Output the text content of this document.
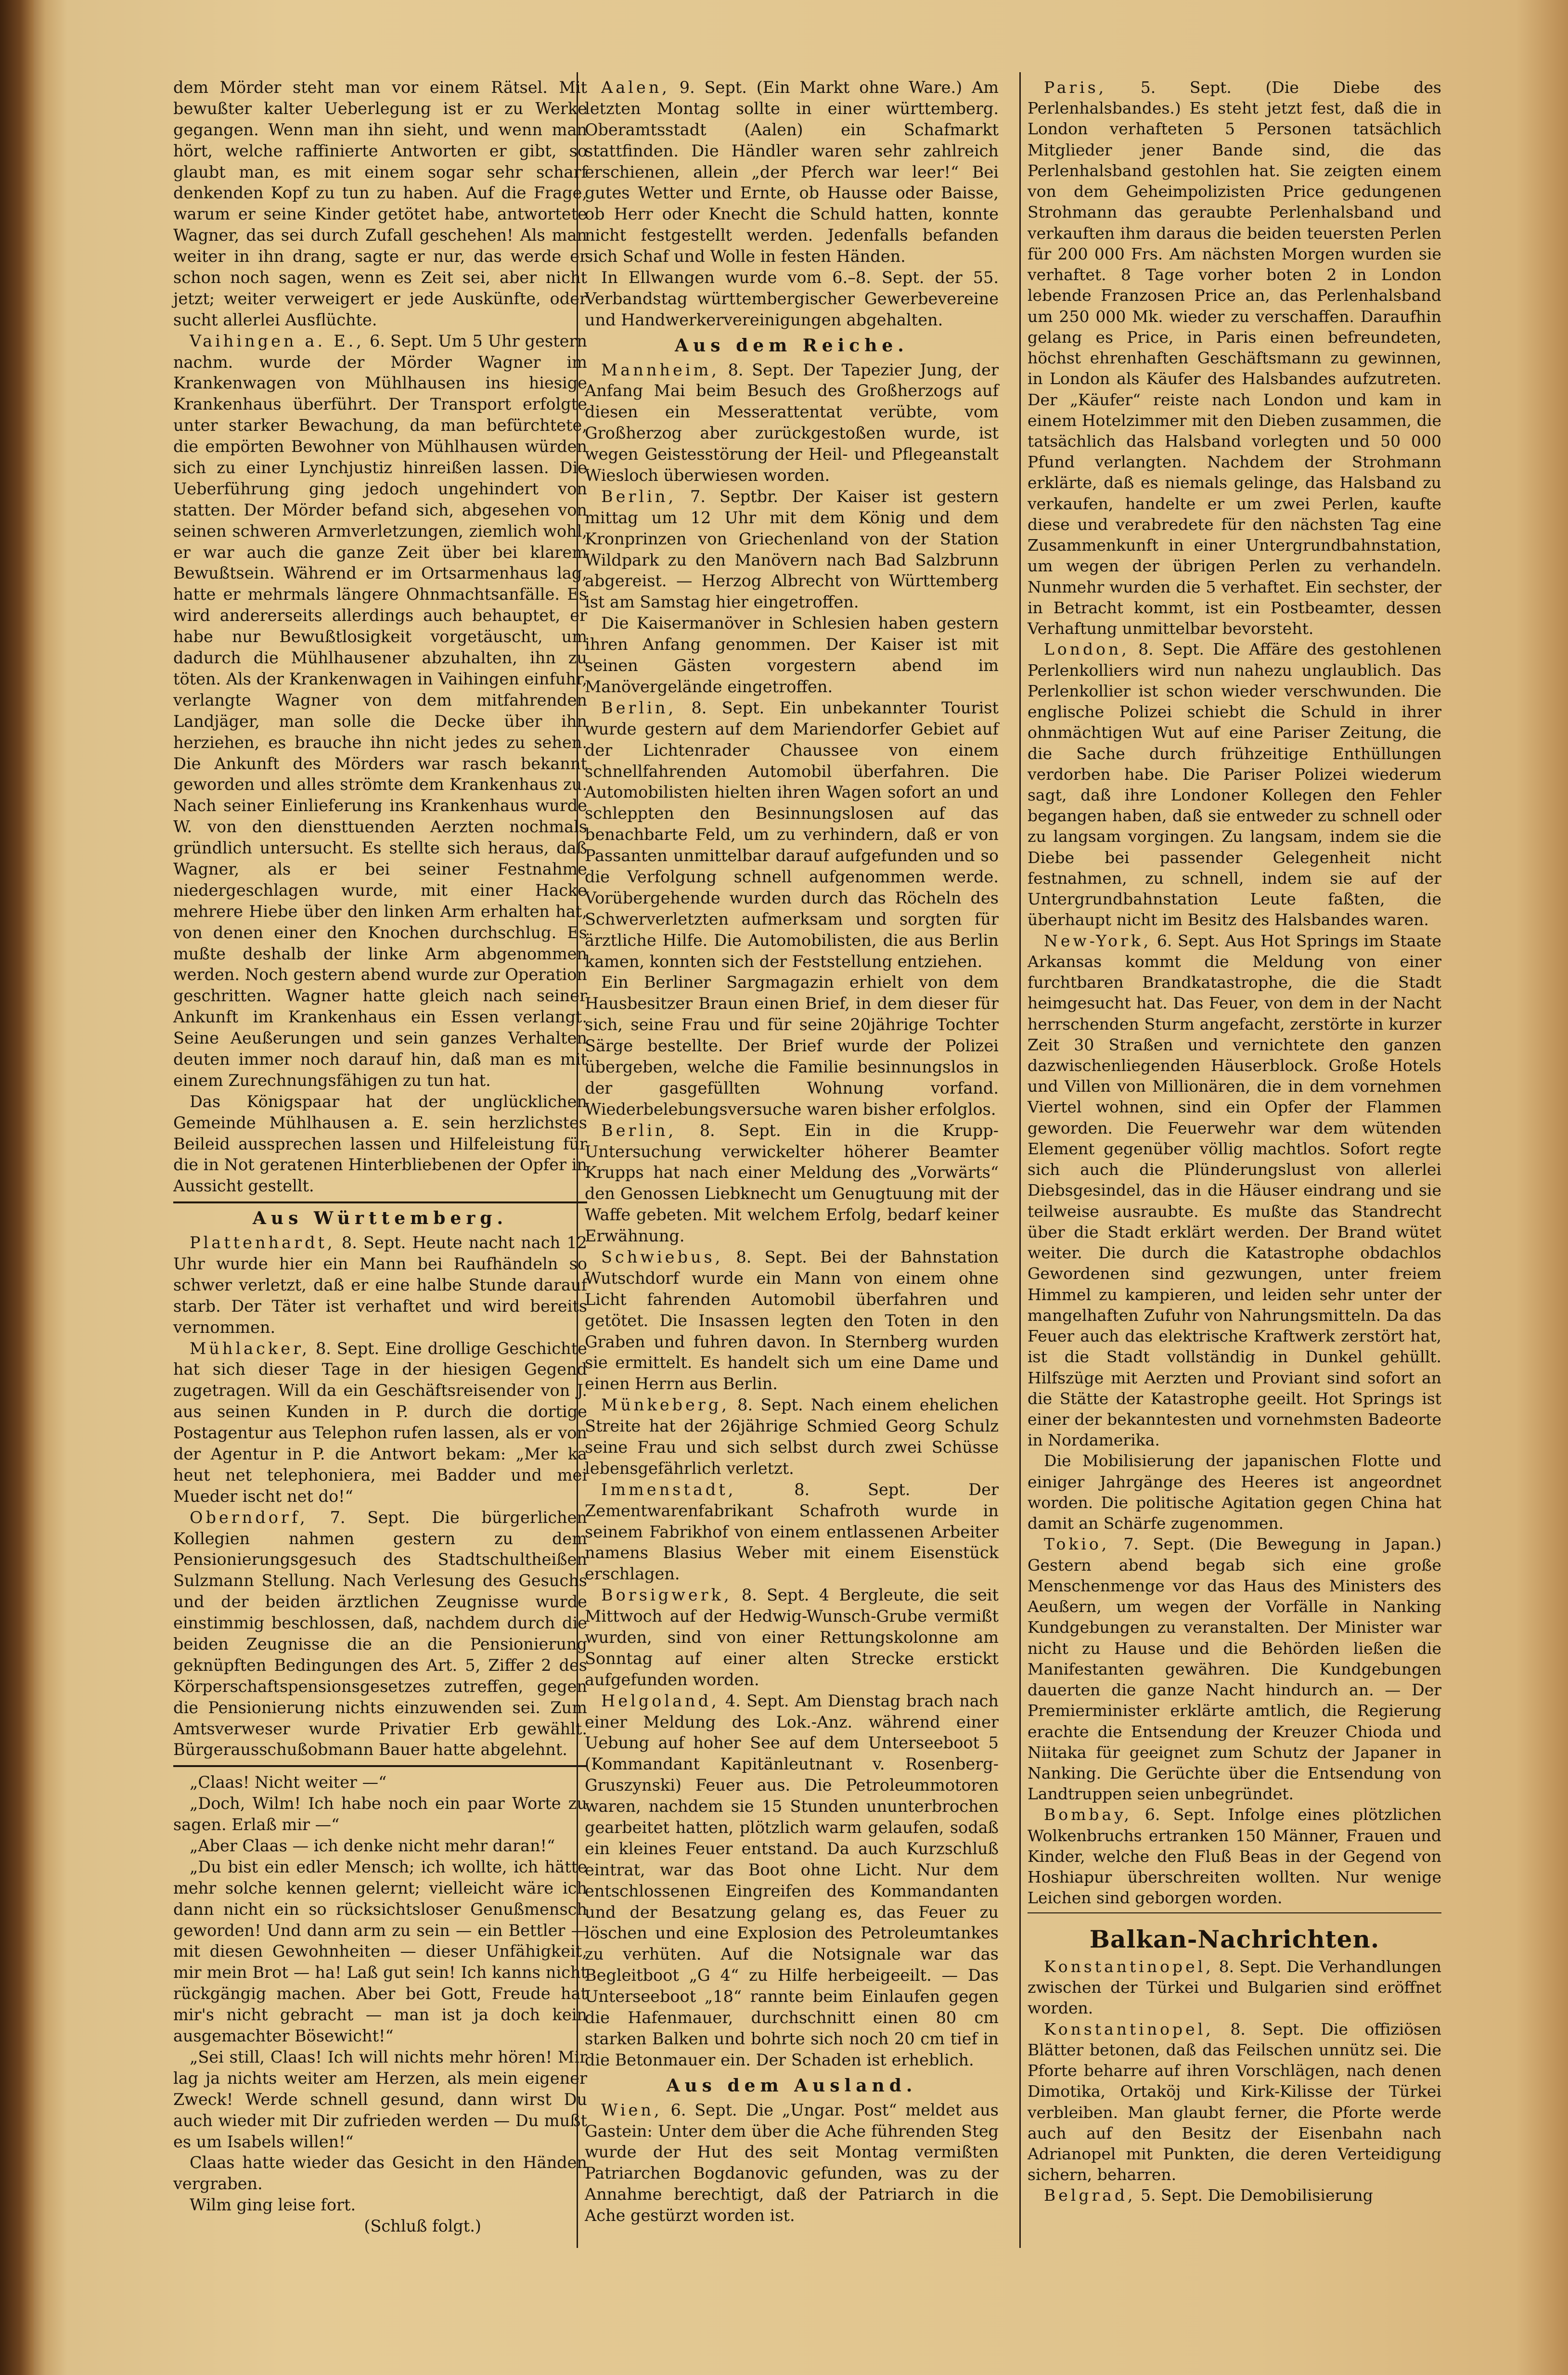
dem Mörder steht man vor einem Rätsel. Mit bewußter kalter Ueberlegung ist er zu Werke gegangen. Wenn man ihn sieht, und wenn man hört, welche raffinierte Antworten er gibt, so glaubt man, es mit einem sogar sehr scharf denkenden Kopf zu tun zu haben. Auf die Frage, warum er seine Kinder getötet habe, antwortete Wagner, das sei durch Zufall geschehen! Als man weiter in ihn drang, sagte er nur, das werde er schon noch sagen, wenn es Zeit sei, aber nicht jetzt; weiter verweigert er jede Auskünfte, oder sucht allerlei Ausflüchte.

Vaihingen a. E., 6. Sept. Um 5 Uhr gestern nachm. wurde der Mörder Wagner im Krankenwagen von Mühlhausen ins hiesige Krankenhaus überführt. Der Transport erfolgte unter starker Bewachung, da man befürchtete, die empörten Bewohner von Mühlhausen würden sich zu einer Lynchjustiz hinreißen lassen. Die Ueberführung ging jedoch ungehindert von statten. Der Mörder befand sich, abgesehen von seinen schweren Armverletzungen, ziemlich wohl, er war auch die ganze Zeit über bei klarem Bewußtsein. Während er im Ortsarmenhaus lag, hatte er mehrmals längere Ohnmachtsanfälle. Es wird andererseits allerdings auch behauptet, er habe nur Bewußtlosigkeit vorgetäuscht, um dadurch die Mühlhausener abzuhalten, ihn zu töten. Als der Krankenwagen in Vaihingen einfuhr, verlangte Wagner von dem mitfahrenden Landjäger, man solle die Decke über ihn herziehen, es brauche ihn nicht jedes zu sehen. Die Ankunft des Mörders war rasch bekannt geworden und alles strömte dem Krankenhaus zu. Nach seiner Einlieferung ins Krankenhaus wurde W. von den diensttuenden Aerzten nochmals gründlich untersucht. Es stellte sich heraus, daß Wagner, als er bei seiner Festnahme niedergeschlagen wurde, mit einer Hacke mehrere Hiebe über den linken Arm erhalten hat, von denen einer den Knochen durchschlug. Es mußte deshalb der linke Arm abgenommen werden. Noch gestern abend wurde zur Operation geschritten. Wagner hatte gleich nach seiner Ankunft im Krankenhaus ein Essen verlangt. Seine Aeußerungen und sein ganzes Verhalten deuten immer noch darauf hin, daß man es mit einem Zurechnungsfähigen zu tun hat.

Das Königspaar hat der unglücklichen Gemeinde Mühlhausen a. E. sein herzlichstes Beileid aussprechen lassen und Hilfeleistung für die in Not geratenen Hinterbliebenen der Opfer in Aussicht gestellt.

Aus Württemberg.

Plattenhardt, 8. Sept. Heute nacht nach 12 Uhr wurde hier ein Mann bei Raufhändeln so schwer verletzt, daß er eine halbe Stunde darauf starb. Der Täter ist verhaftet und wird bereits vernommen.

Mühlacker, 8. Sept. Eine drollige Geschichte hat sich dieser Tage in der hiesigen Gegend zugetragen. Will da ein Geschäftsreisender von J. aus seinen Kunden in P. durch die dortige Postagentur aus Telephon rufen lassen, als er von der Agentur in P. die Antwort bekam: „Mer ka heut net telephoniera, mei Badder und mei Mueder ischt net do!“

Oberndorf, 7. Sept. Die bürgerlichen Kollegien nahmen gestern zu dem Pensionierungsgesuch des Stadtschultheißen Sulzmann Stellung. Nach Verlesung des Gesuchs und der beiden ärztlichen Zeugnisse wurde einstimmig beschlossen, daß, nachdem durch die beiden Zeugnisse die an die Pensionierung geknüpften Bedingungen des Art. 5, Ziffer 2 des Körperschaftspensionsgesetzes zutreffen, gegen die Pensionierung nichts einzuwenden sei. Zum Amtsverweser wurde Privatier Erb gewählt. Bürgerausschußobmann Bauer hatte abgelehnt.

„Claas! Nicht weiter —“

„Doch, Wilm! Ich habe noch ein paar Worte zu sagen. Erlaß mir —“

„Aber Claas — ich denke nicht mehr daran!“

„Du bist ein edler Mensch; ich wollte, ich hätte mehr solche kennen gelernt; vielleicht wäre ich dann nicht ein so rücksichtsloser Genußmensch geworden! Und dann arm zu sein — ein Bettler — mit diesen Gewohnheiten — dieser Unfähigkeit, mir mein Brot — ha! Laß gut sein! Ich kanns nicht rückgängig machen. Aber bei Gott, Freude hat mir's nicht gebracht — man ist ja doch kein ausgemachter Bösewicht!“

„Sei still, Claas! Ich will nichts mehr hören! Mir lag ja nichts weiter am Herzen, als mein eigener Zweck! Werde schnell gesund, dann wirst Du auch wieder mit Dir zufrieden werden — Du mußt es um Isabels willen!“

Claas hatte wieder das Gesicht in den Händen vergraben.

Wilm ging leise fort.

(Schluß folgt.)

Aalen, 9. Sept. (Ein Markt ohne Ware.) Am letzten Montag sollte in einer württemberg. Oberamtsstadt (Aalen) ein Schafmarkt stattfinden. Die Händler waren sehr zahlreich erschienen, allein „der Pferch war leer!“ Bei gutes Wetter und Ernte, ob Hausse oder Baisse, ob Herr oder Knecht die Schuld hatten, konnte nicht festgestellt werden. Jedenfalls befanden sich Schaf und Wolle in festen Händen.

In Ellwangen wurde vom 6.–8. Sept. der 55. Verbandstag württembergischer Gewerbevereine und Handwerkervereinigungen abgehalten.

Aus dem Reiche.

Mannheim, 8. Sept. Der Tapezier Jung, der Anfang Mai beim Besuch des Großherzogs auf diesen ein Messerattentat verübte, vom Großherzog aber zurückgestoßen wurde, ist wegen Geistesstörung der Heil- und Pflegeanstalt Wiesloch überwiesen worden.

Berlin, 7. Septbr. Der Kaiser ist gestern mittag um 12 Uhr mit dem König und dem Kronprinzen von Griechenland von der Station Wildpark zu den Manövern nach Bad Salzbrunn abgereist. — Herzog Albrecht von Württemberg ist am Samstag hier eingetroffen.

Die Kaisermanöver in Schlesien haben gestern ihren Anfang genommen. Der Kaiser ist mit seinen Gästen vorgestern abend im Manövergelände eingetroffen.

Berlin, 8. Sept. Ein unbekannter Tourist wurde gestern auf dem Mariendorfer Gebiet auf der Lichtenrader Chaussee von einem schnellfahrenden Automobil überfahren. Die Automobilisten hielten ihren Wagen sofort an und schleppten den Besinnungslosen auf das benachbarte Feld, um zu verhindern, daß er von Passanten unmittelbar darauf aufgefunden und so die Verfolgung schnell aufgenommen werde. Vorübergehende wurden durch das Röcheln des Schwerverletzten aufmerksam und sorgten für ärztliche Hilfe. Die Automobilisten, die aus Berlin kamen, konnten sich der Feststellung entziehen.

Ein Berliner Sargmagazin erhielt von dem Hausbesitzer Braun einen Brief, in dem dieser für sich, seine Frau und für seine 20jährige Tochter Särge bestellte. Der Brief wurde der Polizei übergeben, welche die Familie besinnungslos in der gasgefüllten Wohnung vorfand. Wiederbelebungsversuche waren bisher erfolglos.

Berlin, 8. Sept. Ein in die Krupp-Untersuchung verwickelter höherer Beamter Krupps hat nach einer Meldung des „Vorwärts“ den Genossen Liebknecht um Genugtuung mit der Waffe gebeten. Mit welchem Erfolg, bedarf keiner Erwähnung.

Schwiebus, 8. Sept. Bei der Bahnstation Wutschdorf wurde ein Mann von einem ohne Licht fahrenden Automobil überfahren und getötet. Die Insassen legten den Toten in den Graben und fuhren davon. In Sternberg wurden sie ermittelt. Es handelt sich um eine Dame und einen Herrn aus Berlin.

Münkeberg, 8. Sept. Nach einem ehelichen Streite hat der 26jährige Schmied Georg Schulz seine Frau und sich selbst durch zwei Schüsse lebensgefährlich verletzt.

Immenstadt, 8. Sept. Der Zementwarenfabrikant Schafroth wurde in seinem Fabrikhof von einem entlassenen Arbeiter namens Blasius Weber mit einem Eisenstück erschlagen.

Borsigwerk, 8. Sept. 4 Bergleute, die seit Mittwoch auf der Hedwig-Wunsch-Grube vermißt wurden, sind von einer Rettungskolonne am Sonntag auf einer alten Strecke erstickt aufgefunden worden.

Helgoland, 4. Sept. Am Dienstag brach nach einer Meldung des Lok.-Anz. während einer Uebung auf hoher See auf dem Unterseeboot 5 (Kommandant Kapitänleutnant v. Rosenberg-Gruszynski) Feuer aus. Die Petroleummotoren waren, nachdem sie 15 Stunden ununterbrochen gearbeitet hatten, plötzlich warm gelaufen, sodaß ein kleines Feuer entstand. Da auch Kurzschluß eintrat, war das Boot ohne Licht. Nur dem entschlossenen Eingreifen des Kommandanten und der Besatzung gelang es, das Feuer zu löschen und eine Explosion des Petroleumtankes zu verhüten. Auf die Notsignale war das Begleitboot „G 4“ zu Hilfe herbeigeeilt. — Das Unterseeboot „18“ rannte beim Einlaufen gegen die Hafenmauer, durchschnitt einen 80 cm starken Balken und bohrte sich noch 20 cm tief in die Betonmauer ein. Der Schaden ist erheblich.

Aus dem Ausland.

Wien, 6. Sept. Die „Ungar. Post“ meldet aus Gastein: Unter dem über die Ache führenden Steg wurde der Hut des seit Montag vermißten Patriarchen Bogdanovic gefunden, was zu der Annahme berechtigt, daß der Patriarch in die Ache gestürzt worden ist.

Paris, 5. Sept. (Die Diebe des Perlenhalsbandes.) Es steht jetzt fest, daß die in London verhafteten 5 Personen tatsächlich Mitglieder jener Bande sind, die das Perlenhalsband gestohlen hat. Sie zeigten einem von dem Geheimpolizisten Price gedungenen Strohmann das geraubte Perlenhalsband und verkauften ihm daraus die beiden teuersten Perlen für 200 000 Frs. Am nächsten Morgen wurden sie verhaftet. 8 Tage vorher boten 2 in London lebende Franzosen Price an, das Perlenhalsband um 250 000 Mk. wieder zu verschaffen. Daraufhin gelang es Price, in Paris einen befreundeten, höchst ehrenhaften Geschäftsmann zu gewinnen, in London als Käufer des Halsbandes aufzutreten. Der „Käufer“ reiste nach London und kam in einem Hotelzimmer mit den Dieben zusammen, die tatsächlich das Halsband vorlegten und 50 000 Pfund verlangten. Nachdem der Strohmann erklärte, daß es niemals gelinge, das Halsband zu verkaufen, handelte er um zwei Perlen, kaufte diese und verabredete für den nächsten Tag eine Zusammenkunft in einer Untergrundbahnstation, um wegen der übrigen Perlen zu verhandeln. Nunmehr wurden die 5 verhaftet. Ein sechster, der in Betracht kommt, ist ein Postbeamter, dessen Verhaftung unmittelbar bevorsteht.

London, 8. Sept. Die Affäre des gestohlenen Perlenkolliers wird nun nahezu unglaublich. Das Perlenkollier ist schon wieder verschwunden. Die englische Polizei schiebt die Schuld in ihrer ohnmächtigen Wut auf eine Pariser Zeitung, die die Sache durch frühzeitige Enthüllungen verdorben habe. Die Pariser Polizei wiederum sagt, daß ihre Londoner Kollegen den Fehler begangen haben, daß sie entweder zu schnell oder zu langsam vorgingen. Zu langsam, indem sie die Diebe bei passender Gelegenheit nicht festnahmen, zu schnell, indem sie auf der Untergrundbahnstation Leute faßten, die überhaupt nicht im Besitz des Halsbandes waren.

New-York, 6. Sept. Aus Hot Springs im Staate Arkansas kommt die Meldung von einer furchtbaren Brandkatastrophe, die die Stadt heimgesucht hat. Das Feuer, von dem in der Nacht herrschenden Sturm angefacht, zerstörte in kurzer Zeit 30 Straßen und vernichtete den ganzen dazwischenliegenden Häuserblock. Große Hotels und Villen von Millionären, die in dem vornehmen Viertel wohnen, sind ein Opfer der Flammen geworden. Die Feuerwehr war dem wütenden Element gegenüber völlig machtlos. Sofort regte sich auch die Plünderungslust von allerlei Diebsgesindel, das in die Häuser eindrang und sie teilweise ausraubte. Es mußte das Standrecht über die Stadt erklärt werden. Der Brand wütet weiter. Die durch die Katastrophe obdachlos Gewordenen sind gezwungen, unter freiem Himmel zu kampieren, und leiden sehr unter der mangelhaften Zufuhr von Nahrungsmitteln. Da das Feuer auch das elektrische Kraftwerk zerstört hat, ist die Stadt vollständig in Dunkel gehüllt. Hilfszüge mit Aerzten und Proviant sind sofort an die Stätte der Katastrophe geeilt. Hot Springs ist einer der bekanntesten und vornehmsten Badeorte in Nordamerika.

Die Mobilisierung der japanischen Flotte und einiger Jahrgänge des Heeres ist angeordnet worden. Die politische Agitation gegen China hat damit an Schärfe zugenommen.

Tokio, 7. Sept. (Die Bewegung in Japan.) Gestern abend begab sich eine große Menschenmenge vor das Haus des Ministers des Aeußern, um wegen der Vorfälle in Nanking Kundgebungen zu veranstalten. Der Minister war nicht zu Hause und die Behörden ließen die Manifestanten gewähren. Die Kundgebungen dauerten die ganze Nacht hindurch an. — Der Premierminister erklärte amtlich, die Regierung erachte die Entsendung der Kreuzer Chioda und Niitaka für geeignet zum Schutz der Japaner in Nanking. Die Gerüchte über die Entsendung von Landtruppen seien unbegründet.

Bombay, 6. Sept. Infolge eines plötzlichen Wolkenbruchs ertranken 150 Männer, Frauen und Kinder, welche den Fluß Beas in der Gegend von Hoshiapur überschreiten wollten. Nur wenige Leichen sind geborgen worden.

Balkan-Nachrichten.

Konstantinopel, 8. Sept. Die Verhandlungen zwischen der Türkei und Bulgarien sind eröffnet worden.

Konstantinopel, 8. Sept. Die offiziösen Blätter betonen, daß das Feilschen unnütz sei. Die Pforte beharre auf ihren Vorschlägen, nach denen Dimotika, Ortaköj und Kirk-Kilisse der Türkei verbleiben. Man glaubt ferner, die Pforte werde auch auf den Besitz der Eisenbahn nach Adrianopel mit Punkten, die deren Verteidigung sichern, beharren.

Belgrad, 5. Sept. Die Demobilisierung
